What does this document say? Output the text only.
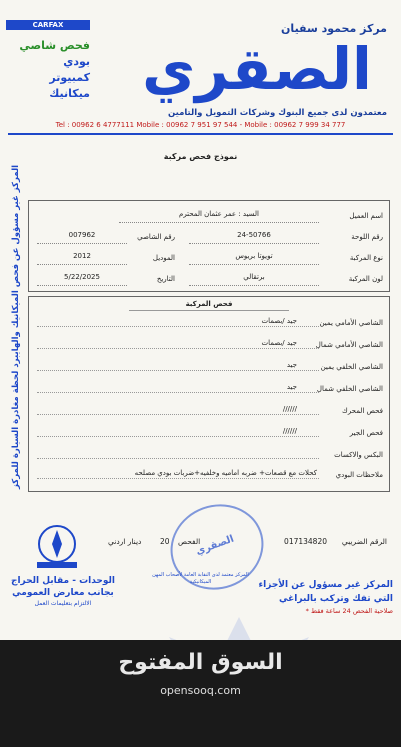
CARFAX
فحص شاصي
بودي
كمبيوتر
ميكانيك
مركز محمود سفيان
الصقري
معتمدون لدى جميع البنوك وشركات التمويل والتامين
Tel : 00962 6 4777111 Mobile : 00962 7 951 97 544 - Mobile : 00962 7 999 34 777
نموذج فحص مركبة
المركز غير مسؤول عن فحص الميكانيك والهايبرد لحظة مغادرة السيارة للمركز	اسم العميل
السيد : عمر عثمان المحترم
رقم اللوحة
24-50766
رقم الشاصي
007962
نوع المركبة
تويوتا بريوس
الموديل
2012
لون المركبة
برتقالي
التاريخ
5/22/2025
فحص المركبة
الشاصي الأمامي يمين
جيد /بصمات
الشاصي الأمامي شمال
جيد /بصمات
الشاصي الخلفي يمين
جيد
الشاصي الخلفي شمال
جيد
فحص المحرك
//////
فحص الجير
//////
البكس والاكسات
ملاحظات البودي
كحلات مع قصعات+ ضربه اماميه وخلفيه+ضربات بودي مصلحه
الرقم الضريبي
017134820
الفحص
20
دينار اردني	الصقري
المركز معتمد لدى النقابة العامة لأصحاب المهن الميكانيكية
الوحدات - مقابل الحراج
بجانب معارض العمومي
الالتزام بتعليمات العمل
المركز غير مسؤول عن الأجزاء
التي تفك وتركب بالبراغي
* صلاحية الفحص 24 ساعة فقط
السوق المفتوح
opensooq.com
